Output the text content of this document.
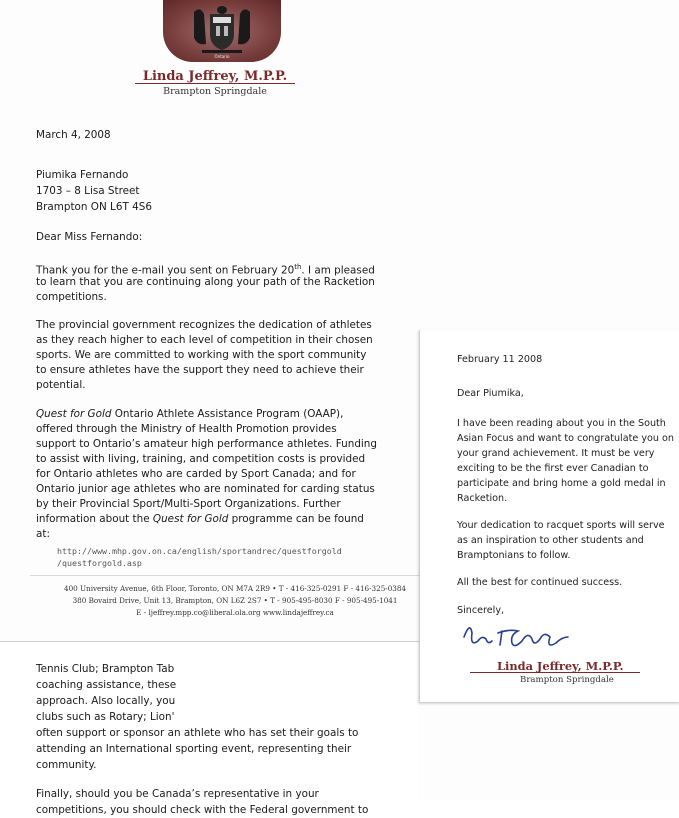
Ontario
Linda Jeffrey, M.P.P.
Brampton Springdale
March 4, 2008
Piumika Fernando
1703 – 8 Lisa Street
Brampton ON L6T 4S6
Dear Miss Fernando:
Thank you for the e-mail you sent on February 20th. I am pleased
to learn that you are continuing along your path of the Racketion
competitions.
The provincial government recognizes the dedication of athletes
as they reach higher to each level of competition in their chosen
sports. We are committed to working with the sport community
to ensure athletes have the support they need to achieve their
potential.
Quest for Gold Ontario Athlete Assistance Program (OAAP),
offered through the Ministry of Health Promotion provides
support to Ontario’s amateur high performance athletes. Funding
to assist with living, training, and competition costs is provided
for Ontario athletes who are carded by Sport Canada; and for
Ontario junior age athletes who are nominated for carding status
by their Provincial Sport/Multi-Sport Organizations. Further
information about the Quest for Gold programme can be found
at:
http://www.mhp.gov.on.ca/english/sportandrec/questforgold
/questforgold.asp
400 University Avenue, 6th Floor, Toronto, ON M7A 2R9 • T - 416-325-0291 F - 416-325-0384
380 Bovaird Drive, Unit 13, Brampton, ON L6Z 2S7 • T - 905-495-8030 F - 905-495-1041
E - ljeffrey.mpp.co@liberal.ola.org www.lindajeffrey.ca
Tennis Club; Brampton Tab
coaching assistance, these
approach. Also locally, you
clubs such as Rotary; Lion'
often support or sponsor an athlete who has set their goals to
attending an International sporting event, representing their
community.
Finally, should you be Canada’s representative in your
competitions, you should check with the Federal government to
February 11 2008
Dear Piumika,
I have been reading about you in the South
Asian Focus and want to congratulate you on
your grand achievement. It must be very
exciting to be the first ever Canadian to
participate and bring home a gold medal in
Racketion.
Your dedication to racquet sports will serve
as an inspiration to other students and
Bramptonians to follow.
All the best for continued success.
Sincerely,
Linda Jeffrey, M.P.P.
Brampton Springdale
